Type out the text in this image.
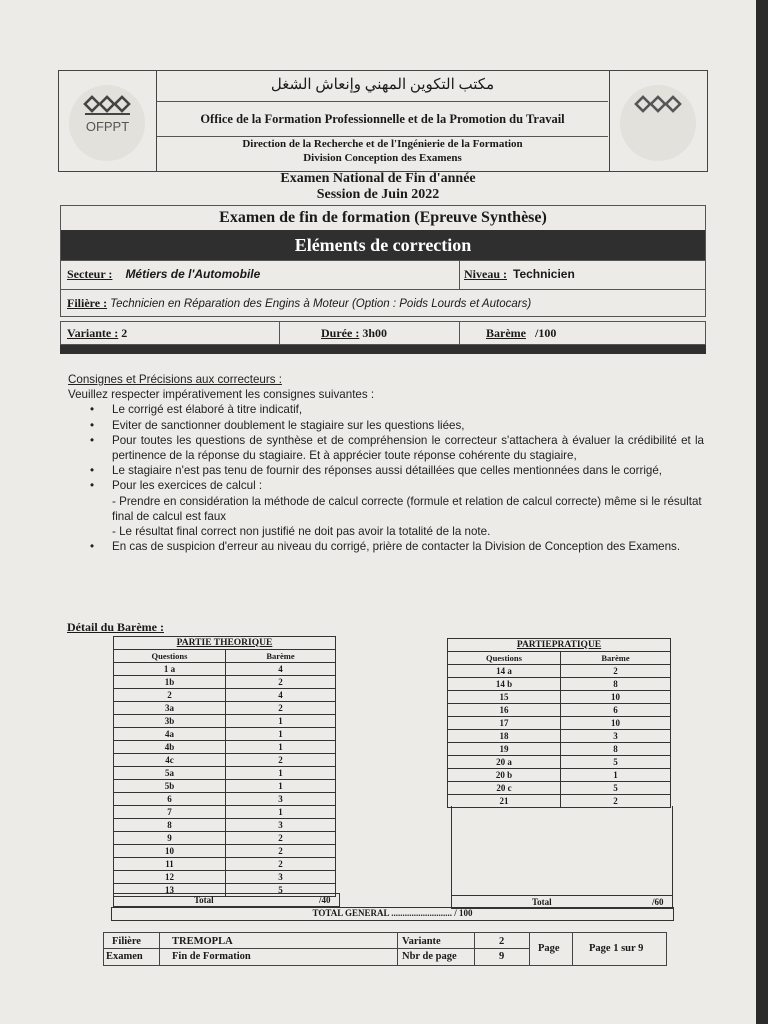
OFPPT
مكتب التكوين المهني وإنعاش الشغل
Office de la Formation Professionnelle et de la Promotion du Travail
Direction de la Recherche et de l'Ingénierie de la Formation
Division Conception des Examens
Examen National de Fin d'année
Session de Juin 2022
Examen de fin de formation (Epreuve Synthèse)
Eléments de correction
Secteur : Métiers de l'Automobile	Niveau : Technicien
Filière : Technicien en Réparation des Engins à Moteur (Option : Poids Lourds et Autocars)
Variante : 2	Durée : 3h00	Barème /100
Consignes et Précisions aux correcteurs :
Veuillez respecter impérativement les consignes suivantes :
• Le corrigé est élaboré à titre indicatif,
• Eviter de sanctionner doublement le stagiaire sur les questions liées,
• Pour toutes les questions de synthèse et de compréhension le correcteur s'attachera à évaluer la crédibilité et la pertinence de la réponse du stagiaire. Et à apprécier toute réponse cohérente du stagiaire,
• Le stagiaire n'est pas tenu de fournir des réponses aussi détaillées que celles mentionnées dans le corrigé,
• Pour les exercices de calcul :
- Prendre en considération la méthode de calcul correcte (formule et relation de calcul correcte) même si le résultat final de calcul est faux
- Le résultat final correct non justifié ne doit pas avoir la totalité de la note.
• En cas de suspicion d'erreur au niveau du corrigé, prière de contacter la Division de Conception des Examens.
Détail du Barème :
PARTIE THEORIQUE	
Questions	Barème
1 a	4
1b	2
2	4
3a	2
3b	1
4a	1
4b	1
4c	2
5a	1
5b	1
6	3
7	1
8	3
9	2
10	2
11	2
12	3
13	5
Total	/40
PARTIEPRATIQUE	
Questions	Barème
14 a	2
14 b	8
15	10
16	6
17	10
18	3
19	8
20 a	5
20 b	1
20 c	5
21	2
Total	/60
TOTAL GENERAL ........................... / 100
Filière	TREMOPLA
Examen	Fin de Formation
Variante	2
Nbr de page	9
Page	Page 1 sur 9
